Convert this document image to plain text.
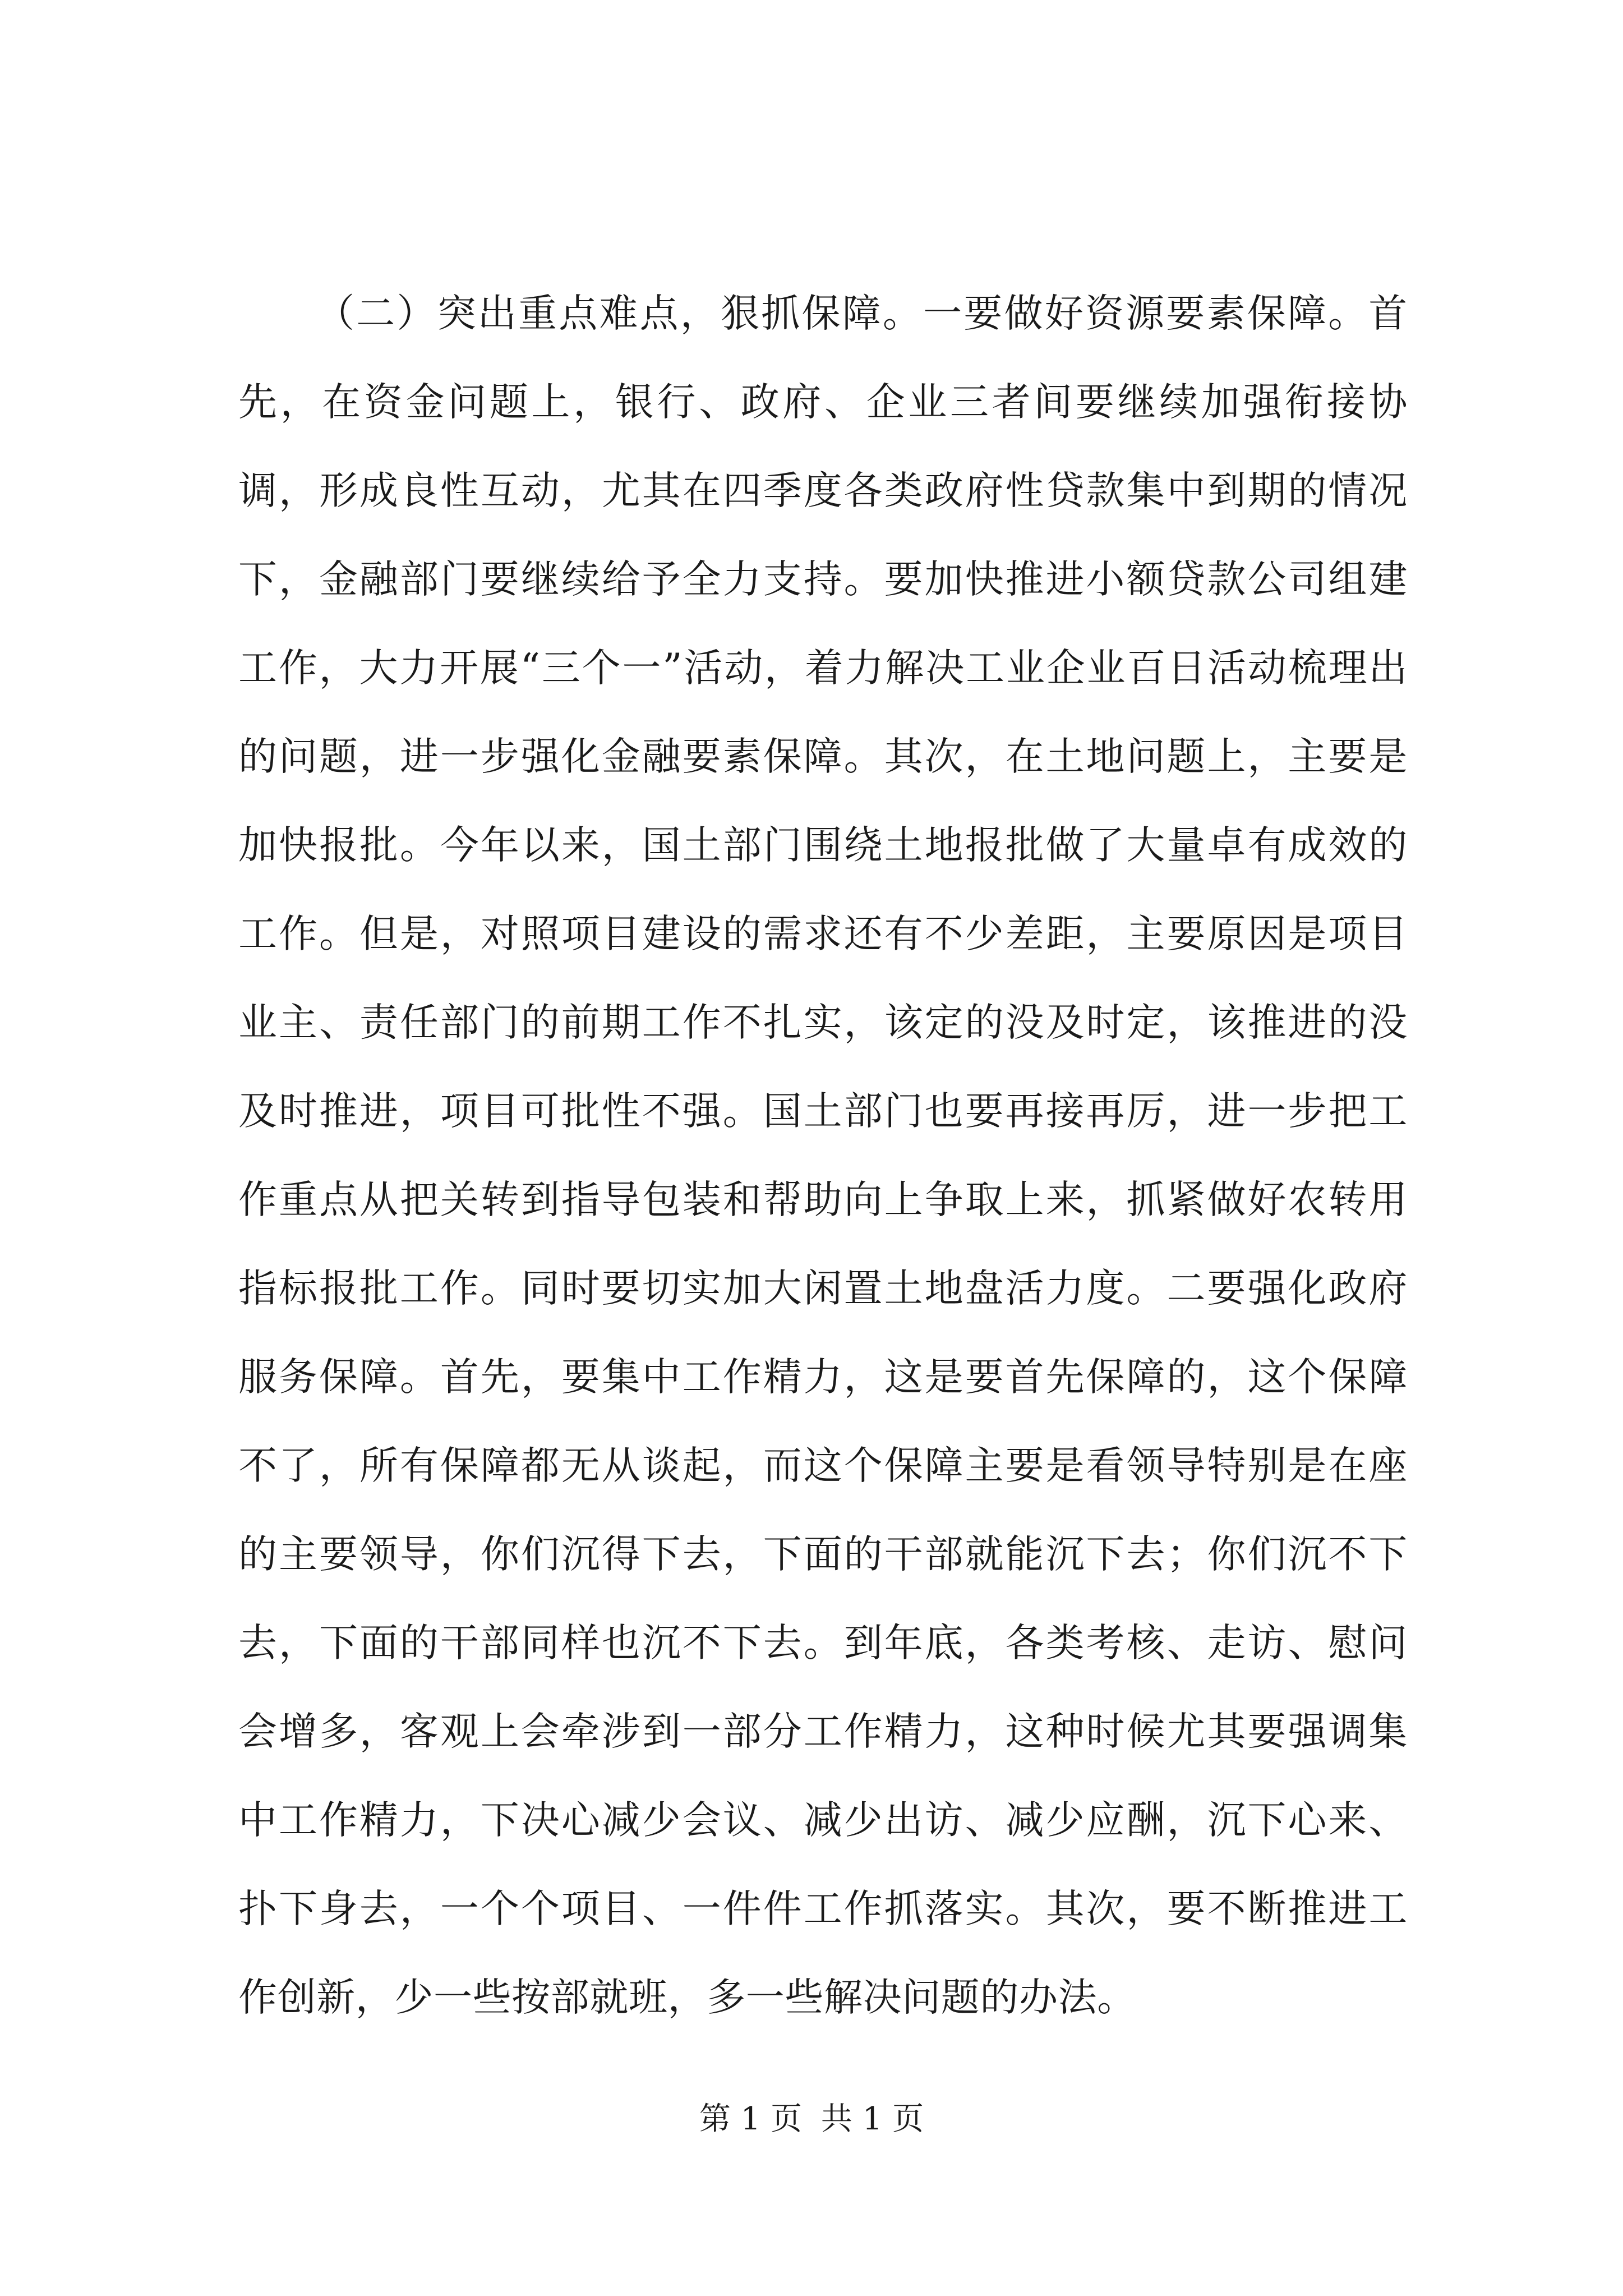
（二）突出重点难点，狠抓保障。一要做好资源要素保障。首先，在资金问题上，银行、政府、企业三者间要继续加强衔接协调，形成良性互动，尤其在四季度各类政府性贷款集中到期的情况下，金融部门要继续给予全力支持。要加快推进小额贷款公司组建工作，大力开展“三个一”活动，着力解决工业企业百日活动梳理出的问题，进一步强化金融要素保障。其次，在土地问题上，主要是加快报批。今年以来，国土部门围绕土地报批做了大量卓有成效的工作。但是，对照项目建设的需求还有不少差距，主要原因是项目业主、责任部门的前期工作不扎实，该定的没及时定，该推进的没及时推进，项目可批性不强。国土部门也要再接再厉，进一步把工作重点从把关转到指导包装和帮助向上争取上来，抓紧做好农转用指标报批工作。同时要切实加大闲置土地盘活力度。二要强化政府服务保障。首先，要集中工作精力，这是要首先保障的，这个保障不了，所有保障都无从谈起，而这个保障主要是看领导特别是在座的主要领导，你们沉得下去，下面的干部就能沉下去；你们沉不下去，下面的干部同样也沉不下去。到年底，各类考核、走访、慰问会增多，客观上会牵涉到一部分工作精力，这种时候尤其要强调集中工作精力，下决心减少会议、减少出访、减少应酬，沉下心来、扑下身去，一个个项目、一件件工作抓落实。其次，要不断推进工作创新，少一些按部就班，多一些解决问题的办法。

第 1 页 共 1 页
